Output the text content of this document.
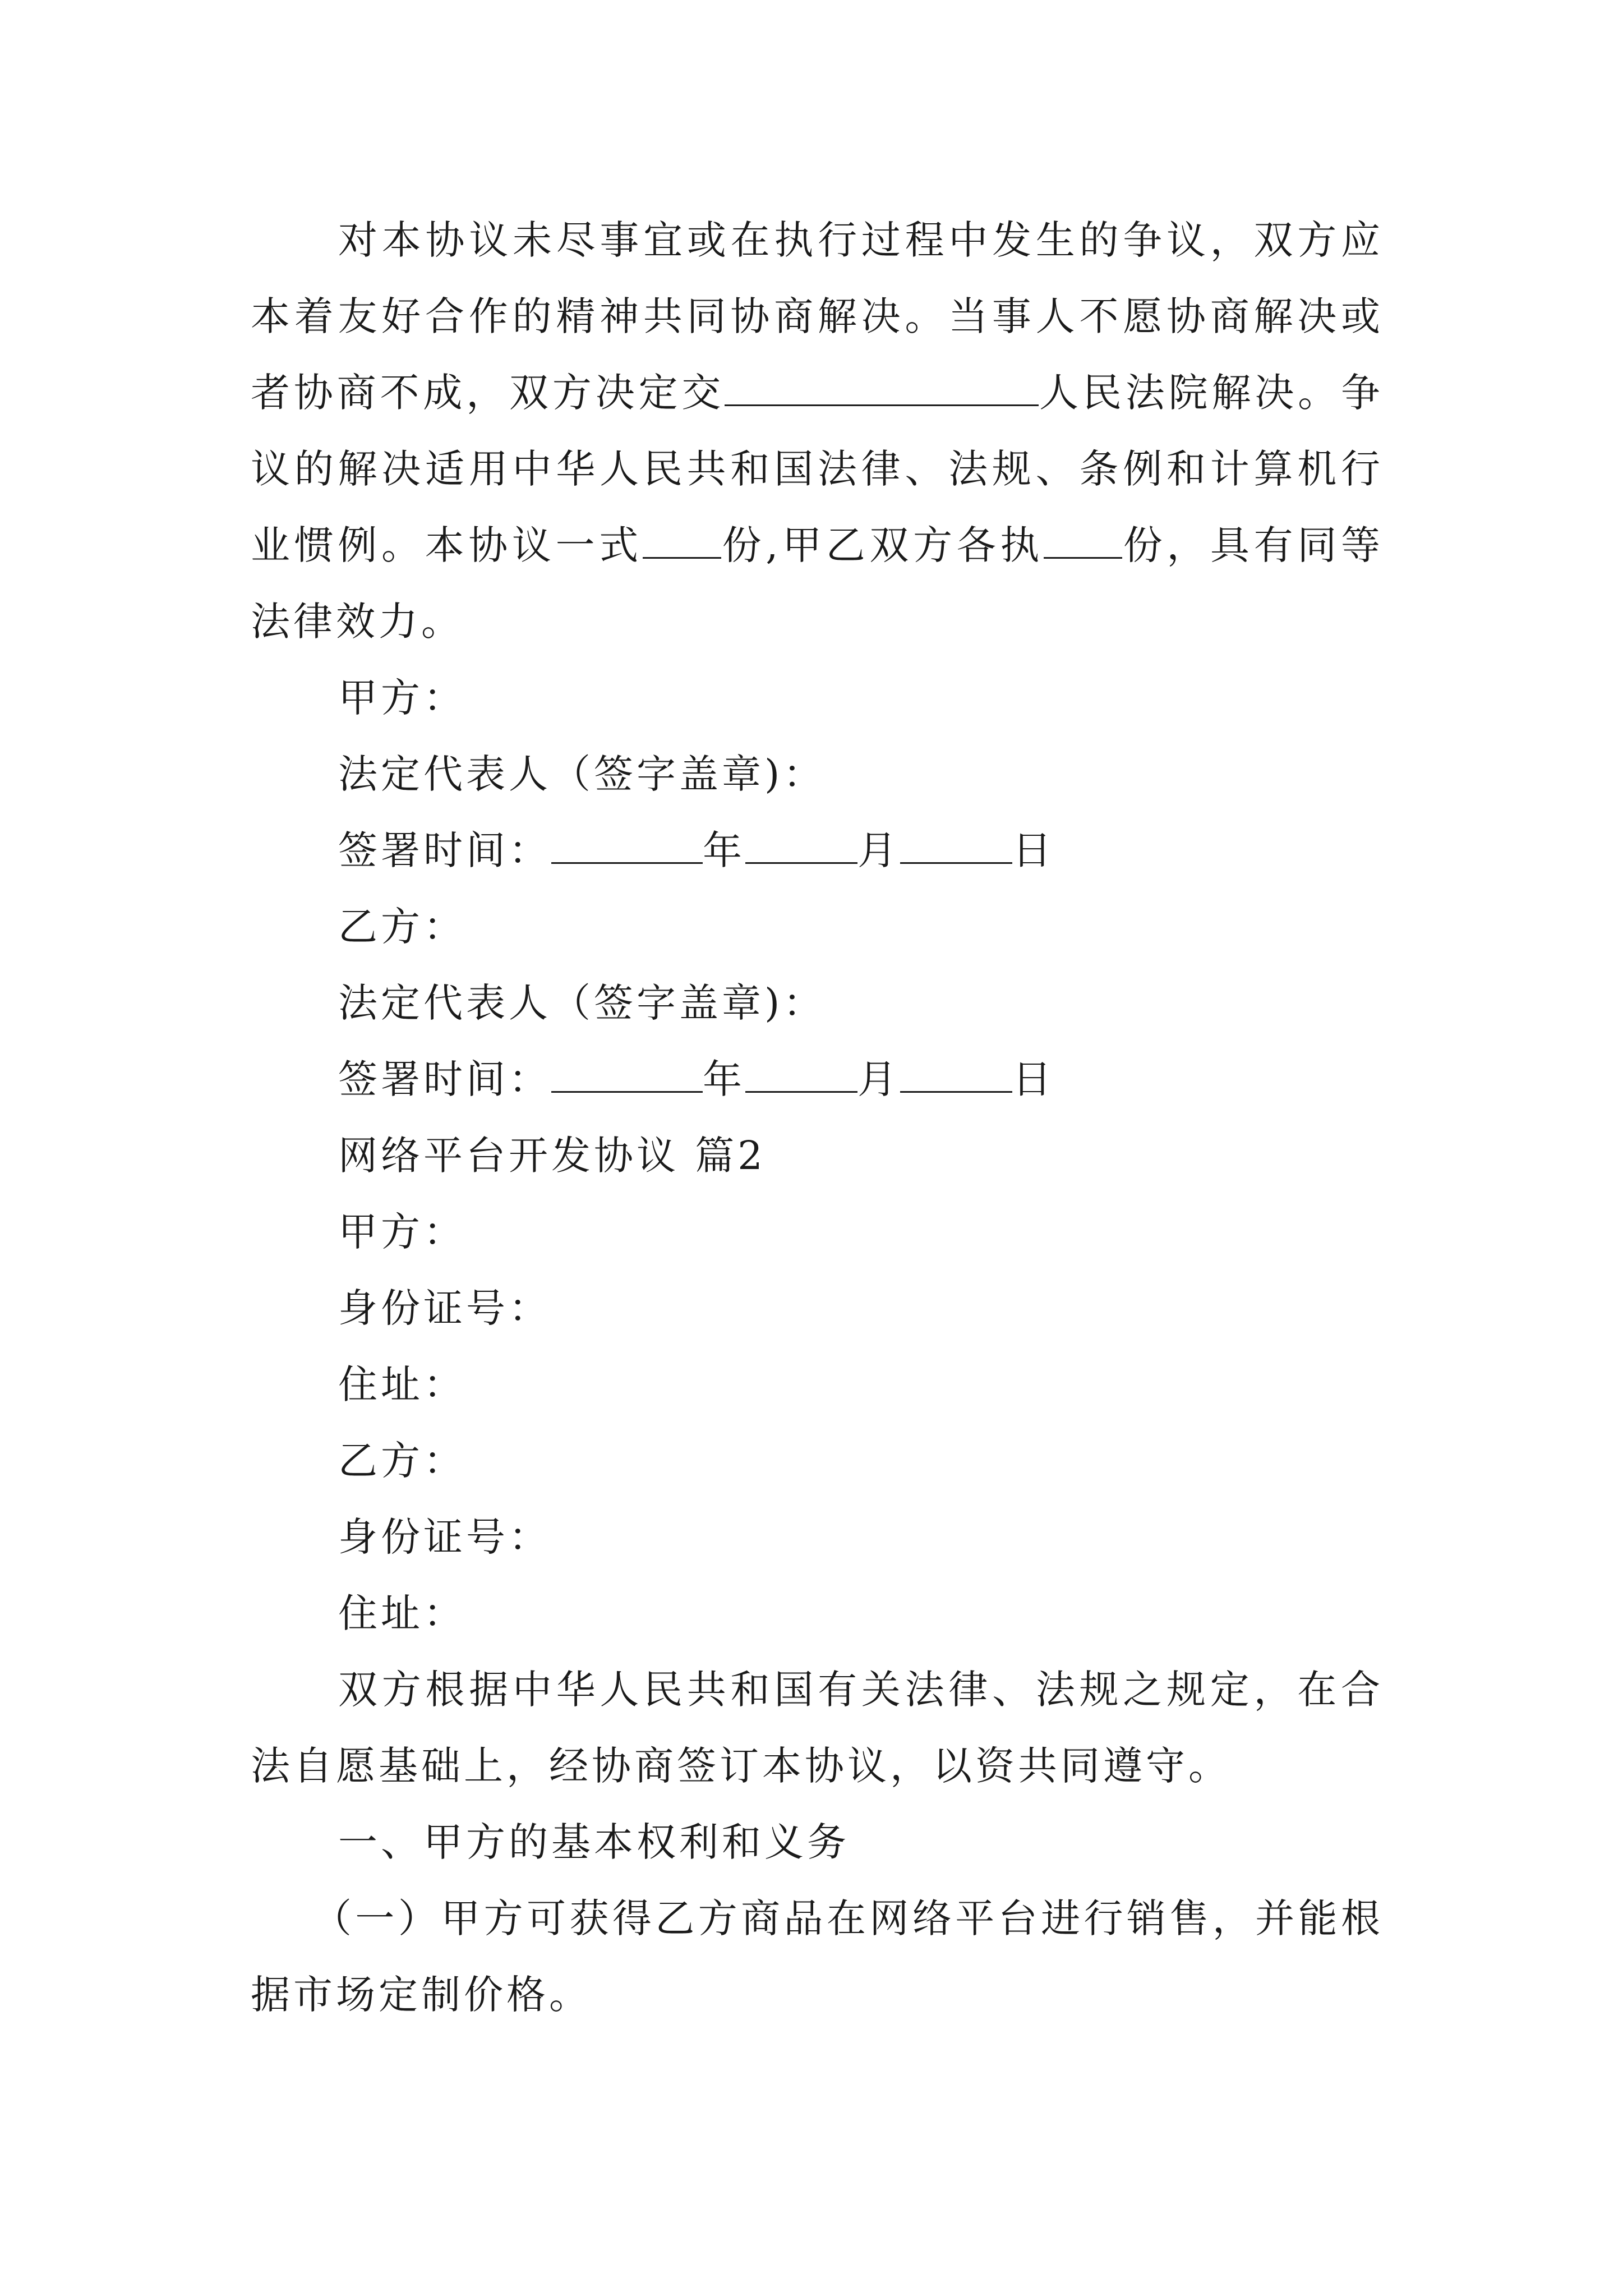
对本协议未尽事宜或在执行过程中发生的争议，双方应本着友好合作的精神共同协商解决。当事人不愿协商解决或者协商不成，双方决定交	人民法院解决。争议的解决适用中华人民共和国法律、法规、条例和计算机行业惯例。本协议一式 份,甲乙双方各执 份，具有同等法律效力。

甲方：

法定代表人（签字盖章)：

签署时间：	年	月	日

乙方：

法定代表人（签字盖章)：

签署时间：	年	月	日

网络平台开发协议 篇2

甲方：

身份证号：

住址：

乙方：

身份证号：

住址：

双方根据中华人民共和国有关法律、法规之规定，在合法自愿基础上，经协商签订本协议，以资共同遵守。

一、甲方的基本权利和义务

（一）甲方可获得乙方商品在网络平台进行销售，并能根据市场定制价格。
